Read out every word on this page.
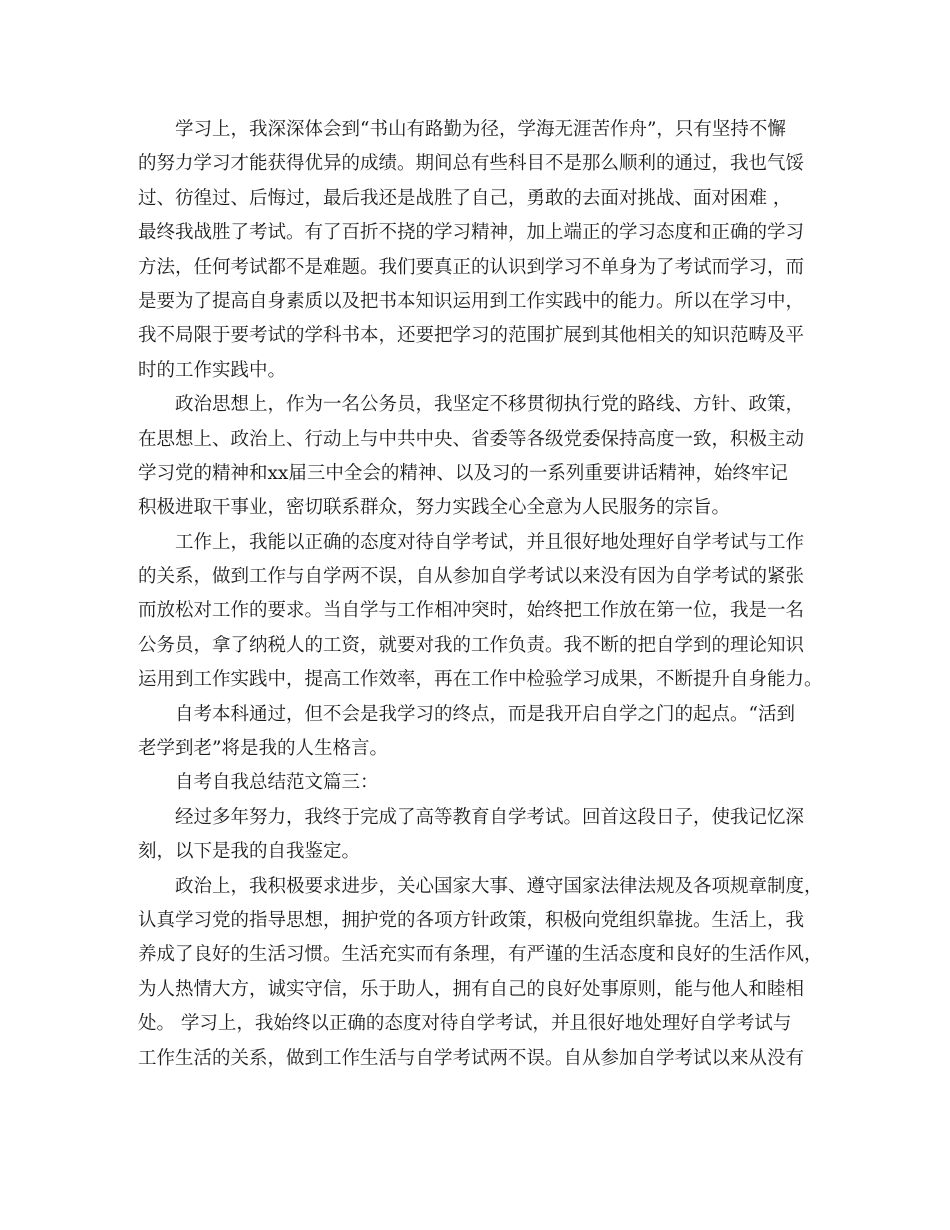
学习上，我深深体会到“书山有路勤为径，学海无涯苦作舟”，只有坚持不懈
的努力学习才能获得优异的成绩。期间总有些科目不是那么顺利的通过，我也气馁
过、彷徨过、后悔过，最后我还是战胜了自己，勇敢的去面对挑战、面对困难 ，
最终我战胜了考试。有了百折不挠的学习精神，加上端正的学习态度和正确的学习
方法，任何考试都不是难题。我们要真正的认识到学习不单身为了考试而学习，而
是要为了提高自身素质以及把书本知识运用到工作实践中的能力。所以在学习中，
我不局限于要考试的学科书本，还要把学习的范围扩展到其他相关的知识范畴及平
时的工作实践中。
政治思想上，作为一名公务员，我坚定不移贯彻执行党的路线、方针、政策，
在思想上、政治上、行动上与中共中央、省委等各级党委保持高度一致，积极主动
学习党的精神和xx届三中全会的精神、以及习的一系列重要讲话精神，始终牢记
积极进取干事业，密切联系群众，努力实践全心全意为人民服务的宗旨。
工作上，我能以正确的态度对待自学考试，并且很好地处理好自学考试与工作
的关系，做到工作与自学两不误，自从参加自学考试以来没有因为自学考试的紧张
而放松对工作的要求。当自学与工作相冲突时，始终把工作放在第一位，我是一名
公务员，拿了纳税人的工资，就要对我的工作负责。我不断的把自学到的理论知识
运用到工作实践中，提高工作效率，再在工作中检验学习成果，不断提升自身能力。
自考本科通过，但不会是我学习的终点，而是我开启自学之门的起点。“活到
老学到老”将是我的人生格言。
自考自我总结范文篇三：
经过多年努力，我终于完成了高等教育自学考试。回首这段日子，使我记忆深
刻，以下是我的自我鉴定。
政治上，我积极要求进步，关心国家大事、遵守国家法律法规及各项规章制度，
认真学习党的指导思想，拥护党的各项方针政策，积极向党组织靠拢。生活上，我
养成了良好的生活习惯。生活充实而有条理，有严谨的生活态度和良好的生活作风，
为人热情大方，诚实守信，乐于助人，拥有自己的良好处事原则，能与他人和睦相
处。 学习上，我始终以正确的态度对待自学考试，并且很好地处理好自学考试与
工作生活的关系，做到工作生活与自学考试两不误。自从参加自学考试以来从没有
